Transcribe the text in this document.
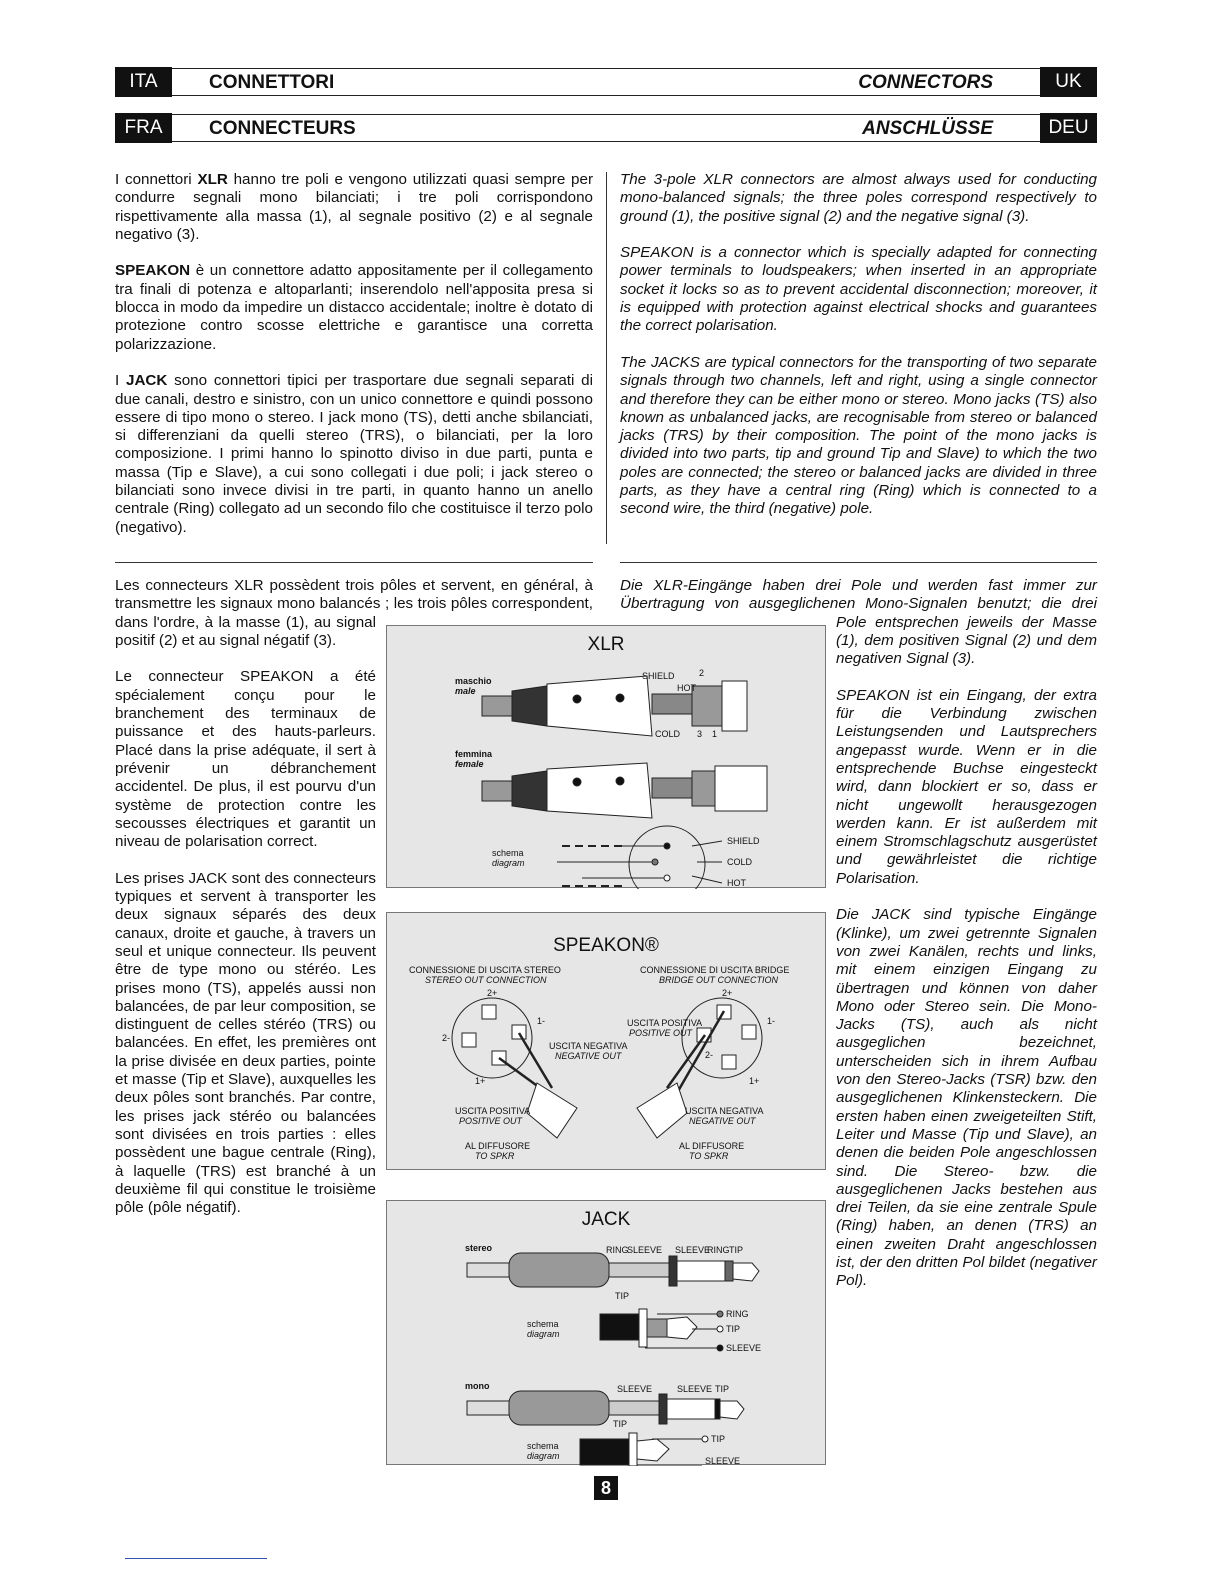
ITA	CONNETTORI	CONNECTORS	UK
FRA	CONNECTEURS	ANSCHLÜSSE	DEU

I connettori XLR hanno tre poli e vengono utilizzati quasi sempre per condurre segnali mono bilanciati; i tre poli corrispondono rispettivamente alla massa (1), al segnale positivo (2) e al segnale negativo (3).

SPEAKON è un connettore adatto appositamente per il collegamento tra finali di potenza e altoparlanti; inserendolo nell'apposita presa si blocca in modo da impedire un distacco accidentale; inoltre è dotato di protezione contro scosse elettriche e garantisce una corretta polarizzazione.

I JACK sono connettori tipici per trasportare due segnali separati di due canali, destro e sinistro, con un unico connettore e quindi possono essere di tipo mono o stereo. I jack mono (TS), detti anche sbilanciati, si differenziani da quelli stereo (TRS), o bilanciati, per la loro composizione. I primi hanno lo spinotto diviso in due parti, punta e massa (Tip e Slave), a cui sono collegati i due poli; i jack stereo o bilanciati sono invece divisi in tre parti, in quanto hanno un anello centrale (Ring) collegato ad un secondo filo che costituisce il terzo polo (negativo).

The 3-pole XLR connectors are almost always used for conducting mono-balanced signals; the three poles correspond respectively to ground (1), the positive signal (2) and the negative signal (3).

SPEAKON is a connector which is specially adapted for connecting power terminals to loudspeakers; when inserted in an appropriate socket it locks so as to prevent accidental disconnection; moreover, it is equipped with protection against electrical shocks and guarantees the correct polarisation.

The JACKS are typical connectors for the transporting of two separate signals through two channels, left and right, using a single connector and therefore they can be either mono or stereo. Mono jacks (TS) also known as unbalanced jacks, are recognisable from stereo or balanced jacks (TRS) by their composition. The point of the mono jacks is divided into two parts, tip and ground Tip and Slave) to which the two poles are connected; the stereo or balanced jacks are divided in three parts, as they have a central ring (Ring) which is connected to a second wire, the third (negative) pole.

Les connecteurs XLR possèdent trois pôles et servent, en général, à transmettre les signaux mono balancés ; les trois pôles correspondent, dans l'ordre, à la masse (1), au signal positif (2) et au signal négatif (3).

Le connecteur SPEAKON a été spécialement conçu pour le branchement des terminaux de puissance et des hauts-parleurs. Placé dans la prise adéquate, il sert à prévenir un débranchement accidentel. De plus, il est pourvu d'un système de protection contre les secousses électriques et garantit un niveau de polarisation correct.

Les prises JACK sont des connecteurs typiques et servent à transporter les deux signaux séparés des deux canaux, droite et gauche, à travers un seul et unique connecteur. Ils peuvent être de type mono ou stéréo. Les prises mono (TS), appelés aussi non balancées, de par leur composition, se distinguent de celles stéréo (TRS) ou balancées. En effet, les premières ont la prise divisée en deux parties, pointe et masse (Tip et Slave), auxquelles les deux pôles sont branchés. Par contre, les prises jack stéréo ou balancées sont divisées en trois parties : elles possèdent une bague centrale (Ring), à laquelle (TRS) est branché à un deuxième fil qui constitue le troisième pôle (pôle négatif).

Die XLR-Eingänge haben drei Pole und werden fast immer zur Übertragung von ausgeglichenen Mono-Signalen benutzt; die drei Pole entsprechen jeweils der Masse (1), dem positiven Signal (2) und dem negativen Signal (3).

SPEAKON ist ein Eingang, der extra für die Verbindung zwischen Leistungsenden und Lautsprechers angepasst wurde. Wenn er in die entsprechende Buchse eingesteckt wird, dann blockiert er so, dass er nicht ungewollt herausgezogen werden kann. Er ist außerdem mit einem Stromschlagschutz ausgerüstet und gewährleistet die richtige Polarisation.

Die JACK sind typische Eingänge (Klinke), um zwei getrennte Signalen von zwei Kanälen, rechts und links, mit einem einzigen Eingang zu übertragen und können von daher Mono oder Stereo sein. Die Mono-Jacks (TS), auch als nicht ausgeglichen bezeichnet, unterscheiden sich in ihrem Aufbau von den Stereo-Jacks (TSR) bzw. den ausgeglichenen Klinkensteckern. Die ersten haben einen zweigeteilten Stift, Leiter und Masse (Tip und Slave), an denen die beiden Pole angeschlossen sind. Die Stereo- bzw. die ausgeglichenen Jacks bestehen aus drei Teilen, da sie eine zentrale Spule (Ring) haben, an denen (TRS) an einen zweiten Draht angeschlossen ist, der den dritten Pol bildet (negativer Pol).

XLR
maschio
male
femmina
female
SHIELD
HOT
COLD 3 1
2
schema
diagram
SHIELD
COLD
HOT
SPEAKON®
CONNESSIONE DI USCITA STEREO
STEREO OUT CONNECTION
CONNESSIONE DI USCITA BRIDGE
BRIDGE OUT CONNECTION
2+
2-
1+
1-
USCITA NEGATIVA
NEGATIVE OUT
USCITA POSITIVA
POSITIVE OUT
AL DIFFUSORE
TO SPKR
2+
USCITA POSITIVA
POSITIVE OUT
1-
2-
1+
USCITA NEGATIVA
NEGATIVE OUT
AL DIFFUSORE
TO SPKR
JACK
stereo	RING
SLEEVE SLEEVE
RING TIP
TIP
schema
diagram
RING
TIP
SLEEVE
mono	SLEEVE	SLEEVE TIP
TIP
schema
diagram
TIP
SLEEVE
8
